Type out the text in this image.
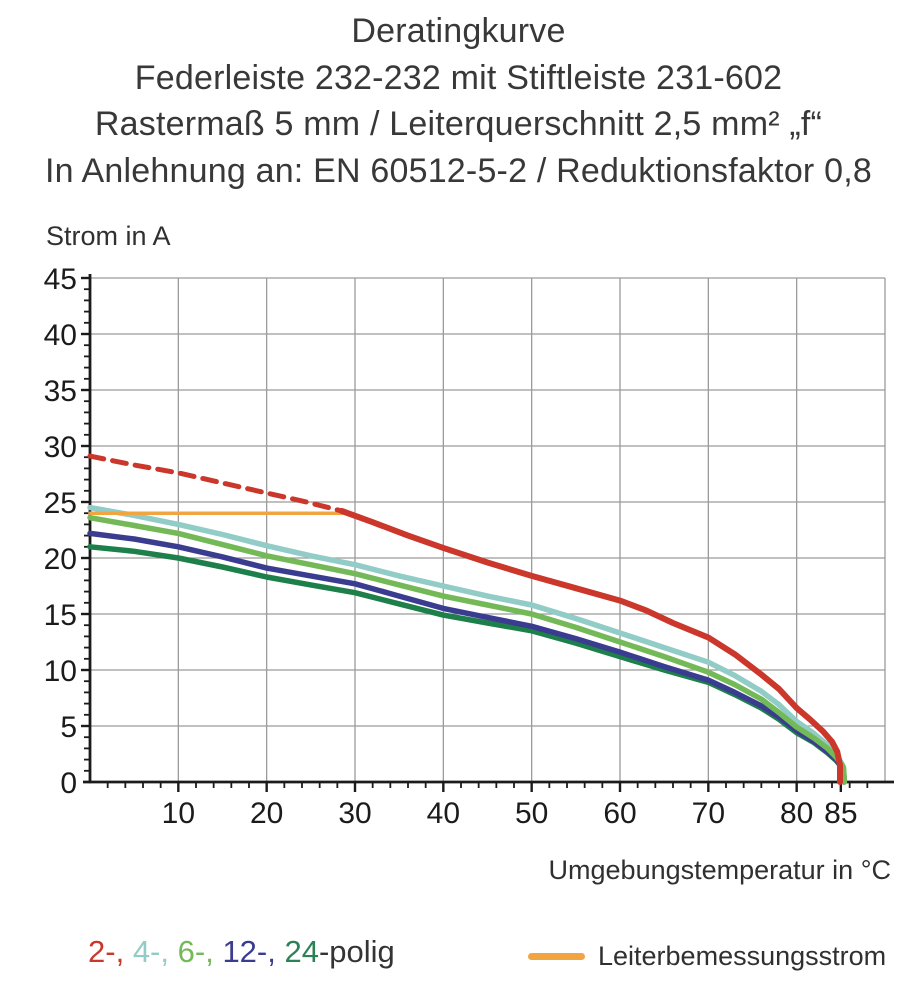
Deratingkurve
Federleiste 232-232 mit Stiftleiste 231-602
Rastermaß 5 mm / Leiterquerschnitt 2,5 mm² „f“
In Anlehnung an: EN 60512-5-2 / Reduktionsfaktor 0,8
Strom in A
0
5
10
15
20
25
30
35
40
45
10 20 30 40 50 60 70 80 85
Umgebungstemperatur in °C
2-, 4-, 6-, 12-, 24-polig	Leiterbemessungsstrom
